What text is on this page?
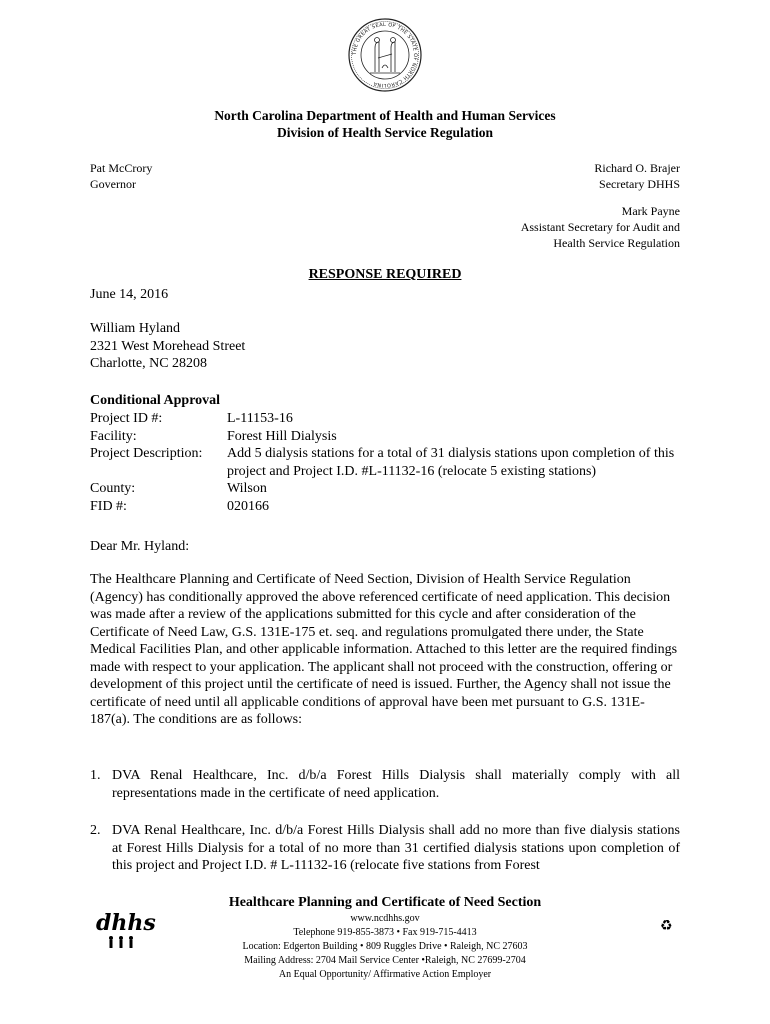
THE GREAT SEAL OF THE STATE OF NORTH CAROLINA
North Carolina Department of Health and Human Services
Division of Health Service Regulation
Pat McCrory
Governor
Richard O. Brajer
Secretary DHHS
Mark Payne
Assistant Secretary for Audit and
Health Service Regulation
RESPONSE REQUIRED
June 14, 2016
William Hyland
2321 West Morehead Street
Charlotte, NC 28208
Conditional Approval
Project ID #:	L-11153-16
Facility:	Forest Hill Dialysis
Project Description:	Add 5 dialysis stations for a total of 31 dialysis stations upon completion of this project and Project I.D. #L-11132-16 (relocate 5 existing stations)
County:	Wilson
FID #:	020166
Dear Mr. Hyland:
The Healthcare Planning and Certificate of Need Section, Division of Health Service Regulation (Agency) has conditionally approved the above referenced certificate of need application. This decision was made after a review of the applications submitted for this cycle and after consideration of the Certificate of Need Law, G.S. 131E-175 et. seq. and regulations promulgated there under, the State Medical Facilities Plan, and other applicable information. Attached to this letter are the required findings made with respect to your application. The applicant shall not proceed with the construction, offering or development of this project until the certificate of need is issued. Further, the Agency shall not issue the certificate of need until all applicable conditions of approval have been met pursuant to G.S. 131E-187(a). The conditions are as follows:
1. DVA Renal Healthcare, Inc. d/b/a Forest Hills Dialysis shall materially comply with all representations made in the certificate of need application.
2. DVA Renal Healthcare, Inc. d/b/a Forest Hills Dialysis shall add no more than five dialysis stations at Forest Hills Dialysis for a total of no more than 31 certified dialysis stations upon completion of this project and Project I.D. # L-11132-16 (relocate five stations from Forest
Healthcare Planning and Certificate of Need Section
www.ncdhhs.gov
Telephone 919-855-3873 • Fax 919-715-4413
Location: Edgerton Building • 809 Ruggles Drive • Raleigh, NC 27603
Mailing Address: 2704 Mail Service Center •Raleigh, NC 27699-2704
An Equal Opportunity/ Affirmative Action Employer
dhhs	♻
